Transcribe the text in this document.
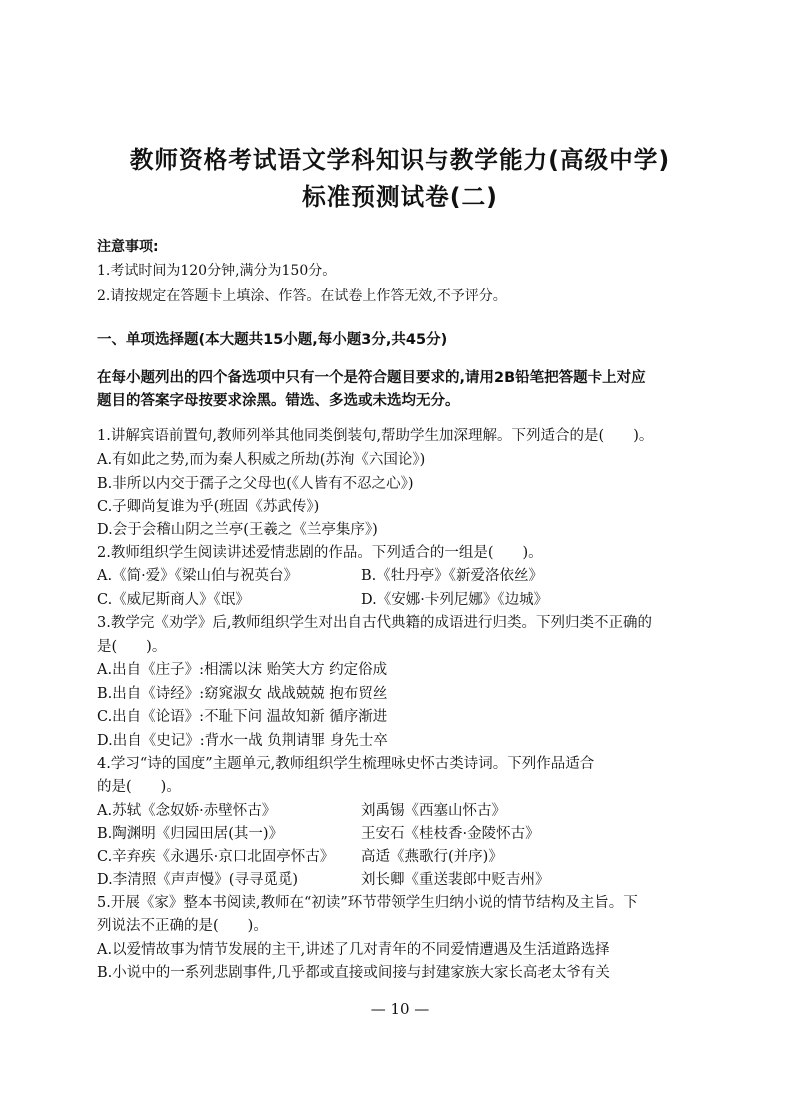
教师资格考试语文学科知识与教学能力(高级中学)
标准预测试卷(二)
注意事项:
1.考试时间为120分钟,满分为150分。
2.请按规定在答题卡上填涂、作答。在试卷上作答无效,不予评分。
一、单项选择题(本大题共15小题,每小题3分,共45分)
在每小题列出的四个备选项中只有一个是符合题目要求的,请用2B铅笔把答题卡上对应
题目的答案字母按要求涂黑。错选、多选或未选均无分。
1.讲解宾语前置句,教师列举其他同类倒装句,帮助学生加深理解。下列适合的是(　　)。
A.有如此之势,而为秦人积威之所劫(苏洵《六国论》)
B.非所以内交于孺子之父母也(《人皆有不忍之心》)
C.子卿尚复谁为乎(班固《苏武传》)
D.会于会稽山阴之兰亭(王羲之《兰亭集序》)
2.教师组织学生阅读讲述爱情悲剧的作品。下列适合的一组是(　　)。
A.《简·爱》《梁山伯与祝英台》	B.《牡丹亭》《新爱洛依丝》
C.《威尼斯商人》《氓》	D.《安娜·卡列尼娜》《边城》
3.教学完《劝学》后,教师组织学生对出自古代典籍的成语进行归类。下列归类不正确的
是(　　)。
A.出自《庄子》:相濡以沫 贻笑大方 约定俗成
B.出自《诗经》:窈窕淑女 战战兢兢 抱布贸丝
C.出自《论语》:不耻下问 温故知新 循序渐进
D.出自《史记》:背水一战 负荆请罪 身先士卒
4.学习“诗的国度”主题单元,教师组织学生梳理咏史怀古类诗词。下列作品适合
的是(　　)。
A.苏轼《念奴娇·赤壁怀古》	刘禹锡《西塞山怀古》
B.陶渊明《归园田居(其一)》	王安石《桂枝香·金陵怀古》
C.辛弃疾《永遇乐·京口北固亭怀古》 高适《燕歌行(并序)》
D.李清照《声声慢》(寻寻觅觅)	刘长卿《重送裴郎中贬吉州》
5.开展《家》整本书阅读,教师在“初读”环节带领学生归纳小说的情节结构及主旨。下
列说法不正确的是(　　)。
A.以爱情故事为情节发展的主干,讲述了几对青年的不同爱情遭遇及生活道路选择
B.小说中的一系列悲剧事件,几乎都或直接或间接与封建家族大家长高老太爷有关
— 10 —
